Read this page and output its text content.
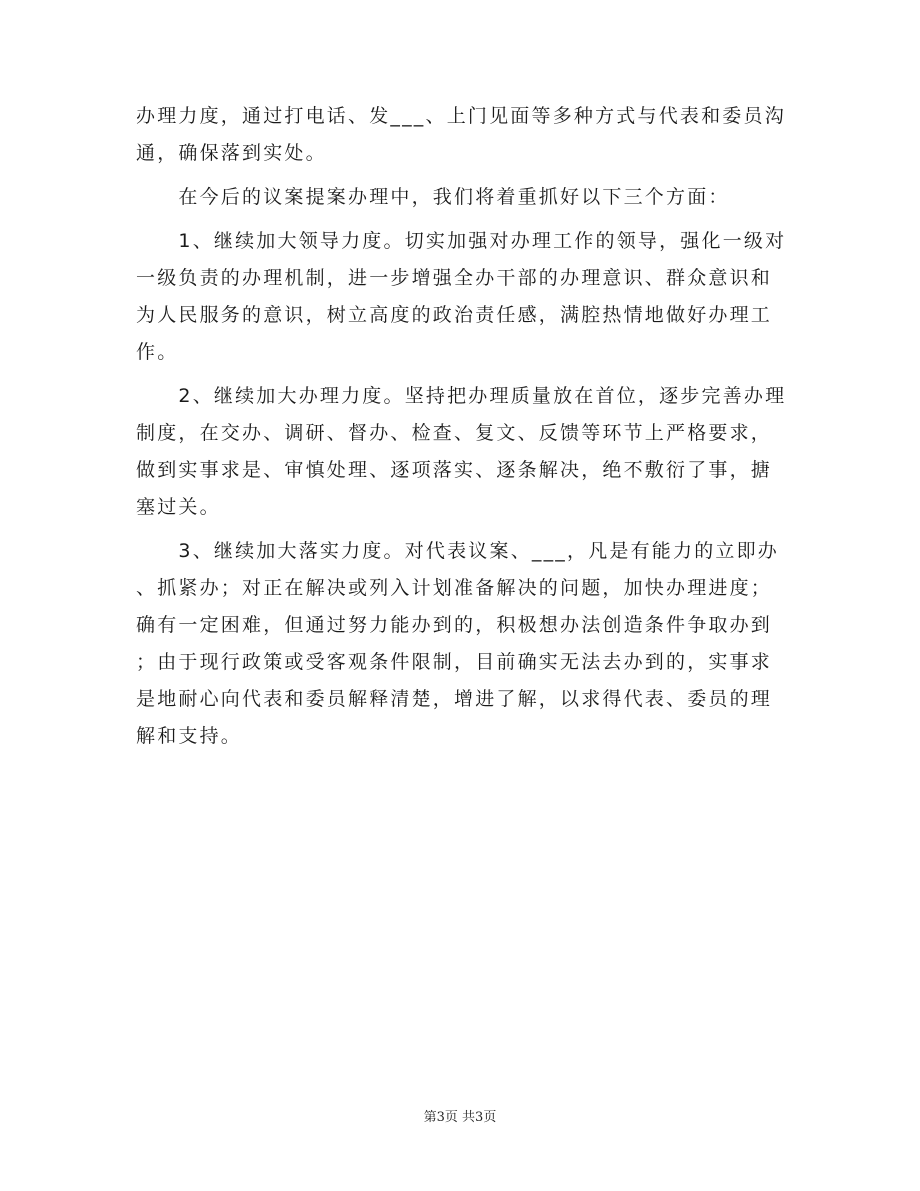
办理力度，通过打电话、发___、上门见面等多种方式与代表和委员沟
通，确保落到实处。
　　在今后的议案提案办理中，我们将着重抓好以下三个方面：
　　1、继续加大领导力度。切实加强对办理工作的领导，强化一级对
一级负责的办理机制，进一步增强全办干部的办理意识、群众意识和
为人民服务的意识，树立高度的政治责任感，满腔热情地做好办理工
作。
　　2、继续加大办理力度。坚持把办理质量放在首位，逐步完善办理
制度，在交办、调研、督办、检查、复文、反馈等环节上严格要求，
做到实事求是、审慎处理、逐项落实、逐条解决，绝不敷衍了事，搪
塞过关。
　　3、继续加大落实力度。对代表议案、___，凡是有能力的立即办
、抓紧办；对正在解决或列入计划准备解决的问题，加快办理进度；
确有一定困难，但通过努力能办到的，积极想办法创造条件争取办到
；由于现行政策或受客观条件限制，目前确实无法去办到的，实事求
是地耐心向代表和委员解释清楚，增进了解，以求得代表、委员的理
解和支持。
第3页 共3页
